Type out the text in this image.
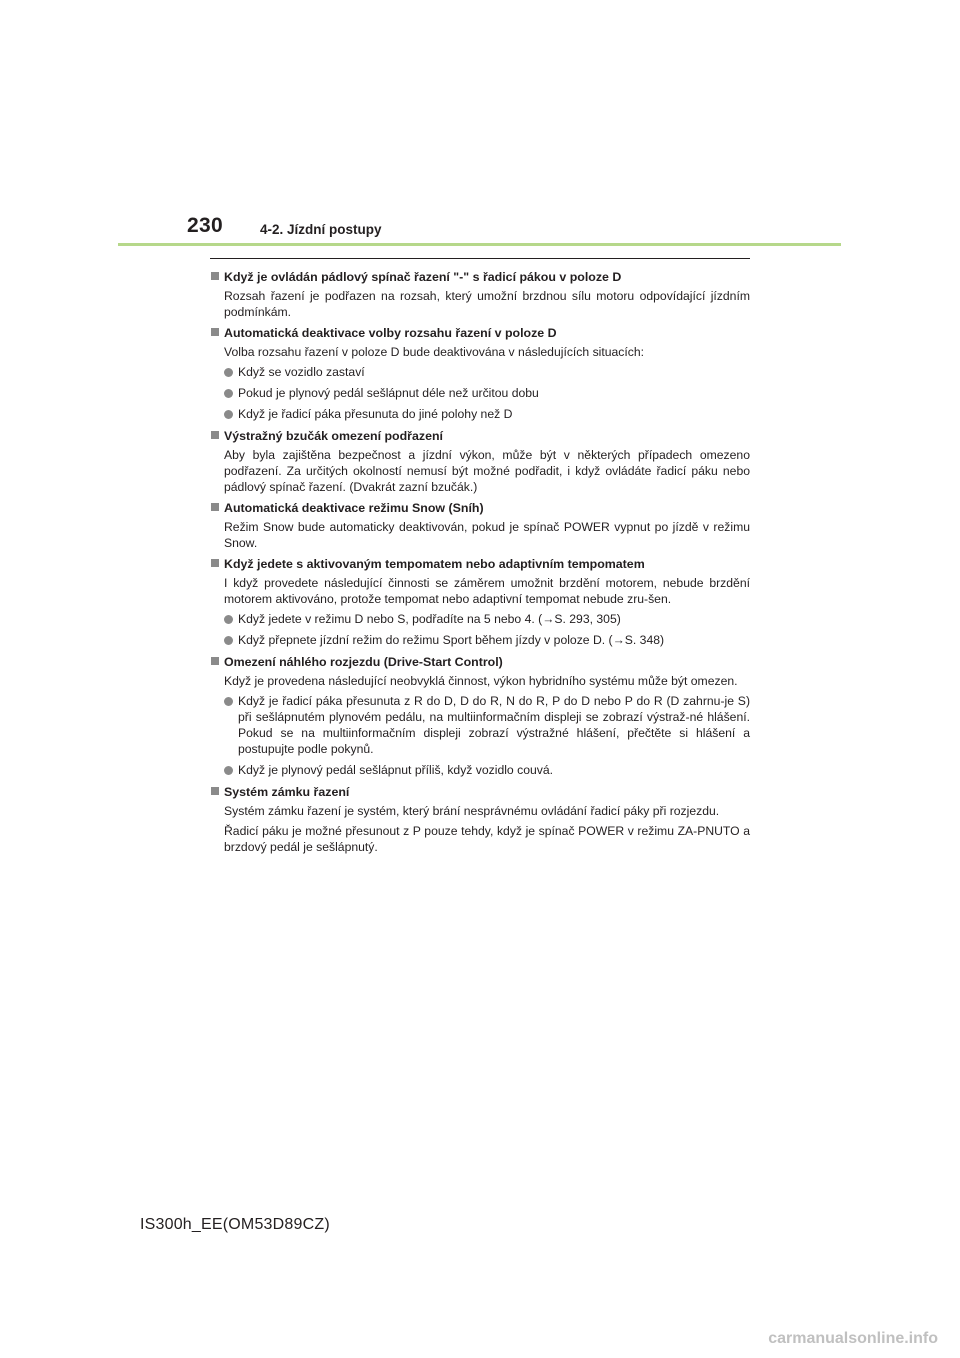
230	4-2. Jízdní postupy
Když je ovládán pádlový spínač řazení "-" s řadicí pákou v poloze D
Rozsah řazení je podřazen na rozsah, který umožní brzdnou sílu motoru odpovídající jízdním podmínkám.
Automatická deaktivace volby rozsahu řazení v poloze D
Volba rozsahu řazení v poloze D bude deaktivována v následujících situacích:
Když se vozidlo zastaví
Pokud je plynový pedál sešlápnut déle než určitou dobu
Když je řadicí páka přesunuta do jiné polohy než D
Výstražný bzučák omezení podřazení
Aby byla zajištěna bezpečnost a jízdní výkon, může být v některých případech omezeno podřazení. Za určitých okolností nemusí být možné podřadit, i když ovládáte řadicí páku nebo pádlový spínač řazení. (Dvakrát zazní bzučák.)
Automatická deaktivace režimu Snow (Sníh)
Režim Snow bude automaticky deaktivován, pokud je spínač POWER vypnut po jízdě v režimu Snow.
Když jedete s aktivovaným tempomatem nebo adaptivním tempomatem
I když provedete následující činnosti se záměrem umožnit brzdění motorem, nebude brzdění motorem aktivováno, protože tempomat nebo adaptivní tempomat nebude zru-šen.
Když jedete v režimu D nebo S, podřadíte na 5 nebo 4. (→S. 293, 305)
Když přepnete jízdní režim do režimu Sport během jízdy v poloze D. (→S. 348)
Omezení náhlého rozjezdu (Drive-Start Control)
Když je provedena následující neobvyklá činnost, výkon hybridního systému může být omezen.
Když je řadicí páka přesunuta z R do D, D do R, N do R, P do D nebo P do R (D zahrnu-je S) při sešlápnutém plynovém pedálu, na multiinformačním displeji se zobrazí výstraž-né hlášení. Pokud se na multiinformačním displeji zobrazí výstražné hlášení, přečtěte si hlášení a postupujte podle pokynů.
Když je plynový pedál sešlápnut příliš, když vozidlo couvá.
Systém zámku řazení
Systém zámku řazení je systém, který brání nesprávnému ovládání řadicí páky při rozjezdu.
Řadicí páku je možné přesunout z P pouze tehdy, když je spínač POWER v režimu ZA-PNUTO a brzdový pedál je sešlápnutý.
IS300h_EE(OM53D89CZ)
carmanualsonline.info
